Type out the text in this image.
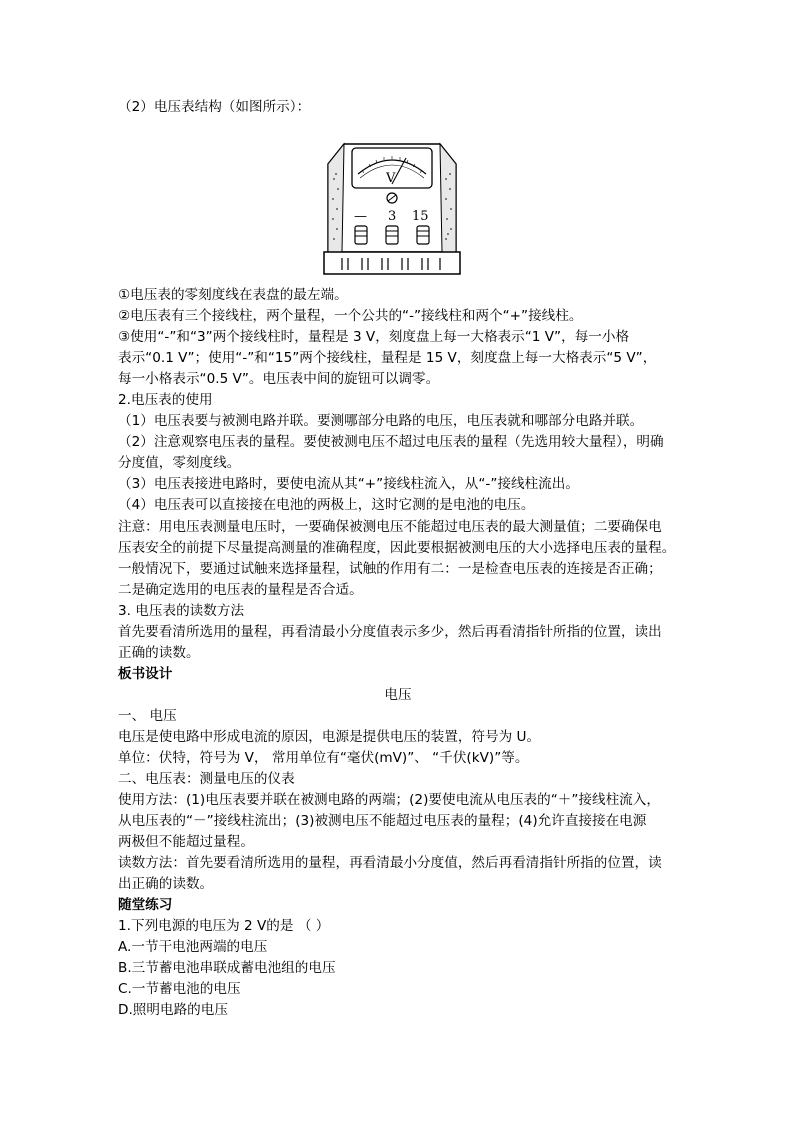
（2）电压表结构（如图所示）：
V
— 3 15
①电压表的零刻度线在表盘的最左端。
②电压表有三个接线柱，两个量程，一个公共的“-”接线柱和两个“+”接线柱。
③使用“-”和“3”两个接线柱时，量程是 3 V，刻度盘上每一大格表示“1 V”，每一小格
表示“0.1 V”；使用“-”和“15”两个接线柱，量程是 15 V，刻度盘上每一大格表示“5 V”，
每一小格表示“0.5 V”。电压表中间的旋钮可以调零。
2.电压表的使用
（1）电压表要与被测电路并联。要测哪部分电路的电压，电压表就和哪部分电路并联。
（2）注意观察电压表的量程。要使被测电压不超过电压表的量程（先选用较大量程），明确
分度值，零刻度线。
（3）电压表接进电路时，要使电流从其“+”接线柱流入，从“-”接线柱流出。
（4）电压表可以直接接在电池的两极上，这时它测的是电池的电压。
注意：用电压表测量电压时，一要确保被测电压不能超过电压表的最大测量值；二要确保电
压表安全的前提下尽量提高测量的准确程度，因此要根据被测电压的大小选择电压表的量程。
一般情况下，要通过试触来选择量程，试触的作用有二：一是检查电压表的连接是否正确；
二是确定选用的电压表的量程是否合适。
3. 电压表的读数方法
首先要看清所选用的量程，再看清最小分度值表示多少，然后再看清指针所指的位置，读出
正确的读数。
板书设计
电压
一、 电压
电压是使电路中形成电流的原因，电源是提供电压的装置，符号为 U。
单位：伏特，符号为 V， 常用单位有“毫伏(mV)”、 “千伏(kV)”等。
二、电压表：测量电压的仪表
使用方法：(1)电压表要并联在被测电路的两端；(2)要使电流从电压表的“＋”接线柱流入，
从电压表的“－”接线柱流出；(3)被测电压不能超过电压表的量程；(4)允许直接接在电源
两极但不能超过量程。
读数方法：首先要看清所选用的量程，再看清最小分度值，然后再看清指针所指的位置，读
出正确的读数。
随堂练习
1.下列电源的电压为 2 V的是 （ ）
A.一节干电池两端的电压
B.三节蓄电池串联成蓄电池组的电压
C.一节蓄电池的电压
D.照明电路的电压
